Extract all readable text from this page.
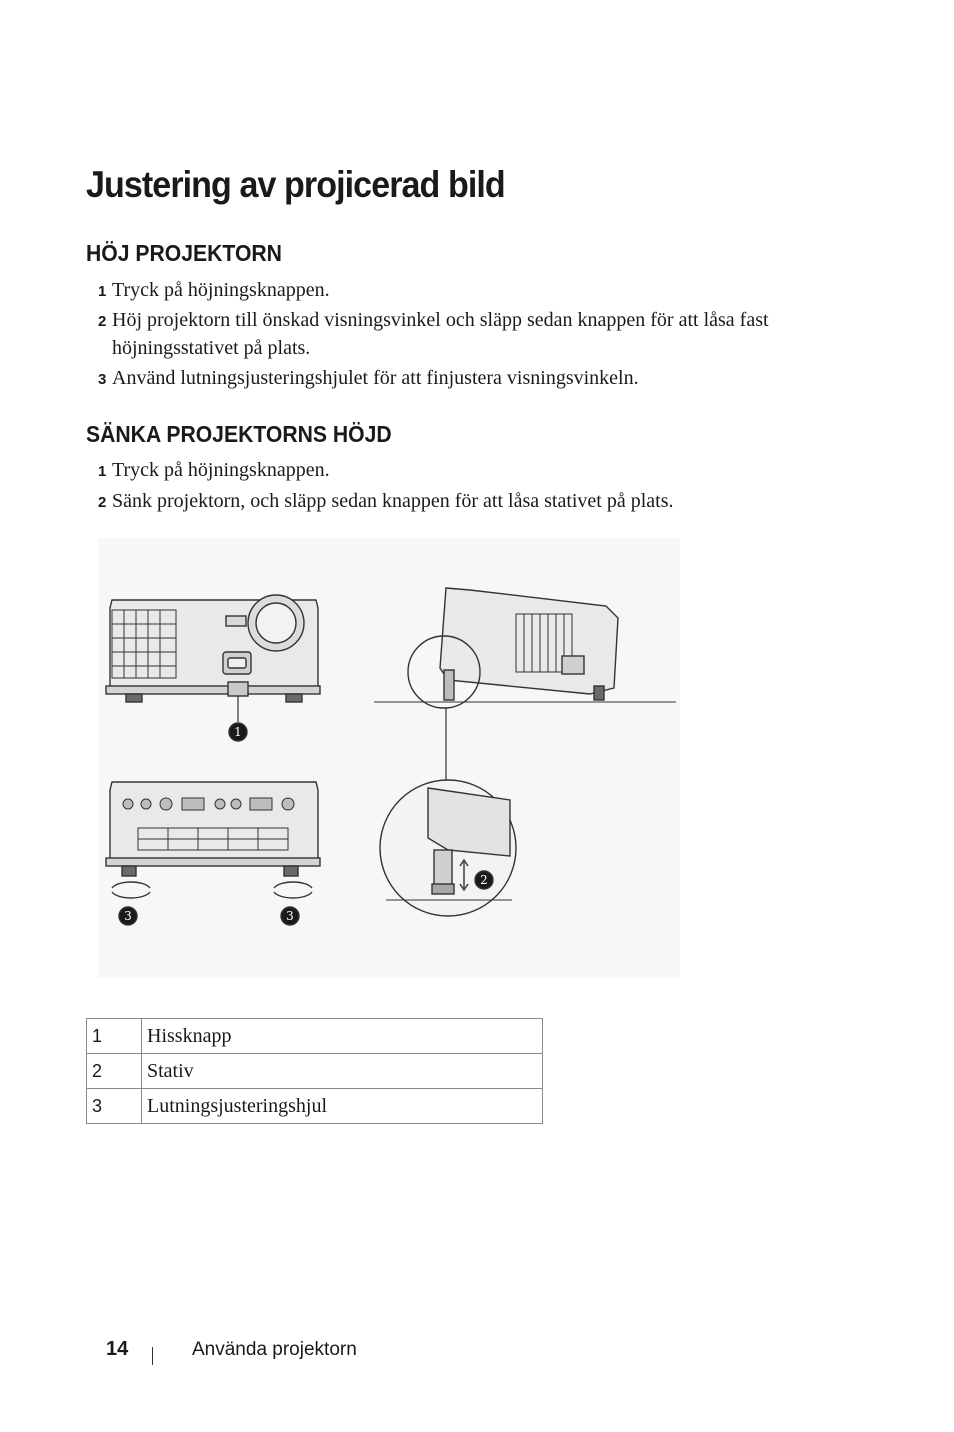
Justering av projicerad bild
HÖJ PROJEKTORN
1 Tryck på höjningsknappen.
2 Höj projektorn till önskad visningsvinkel och släpp sedan knappen för att låsa fast
höjningsstativet på plats.
3 Använd lutningsjusteringshjulet för att finjustera visningsvinkeln.
SÄNKA PROJEKTORNS HÖJD
1 Tryck på höjningsknappen.
2 Sänk projektorn, och släpp sedan knappen för att låsa stativet på plats.
1
2
3	3
1	Hissknapp
2	Stativ
3	Lutningsjusteringshjul
14	Använda projektorn
